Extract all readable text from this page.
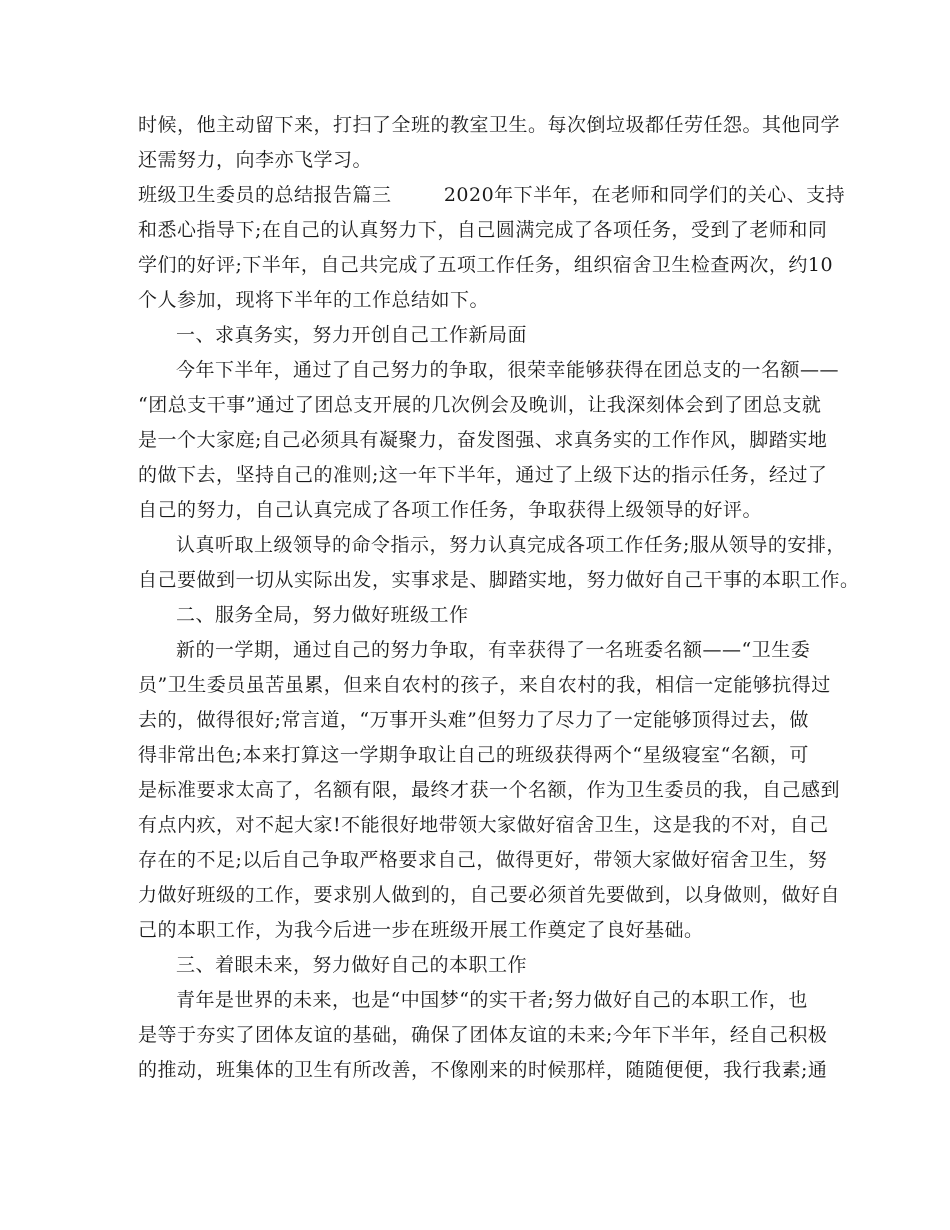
时候，他主动留下来，打扫了全班的教室卫生。每次倒垃圾都任劳任怨。其他同学
还需努力，向李亦飞学习。
班级卫生委员的总结报告篇三        2020年下半年，在老师和同学们的关心、支持
和悉心指导下;在自己的认真努力下，自己圆满完成了各项任务，受到了老师和同
学们的好评;下半年，自己共完成了五项工作任务，组织宿舍卫生检查两次，约10
个人参加，现将下半年的工作总结如下。
一、求真务实，努力开创自己工作新局面
今年下半年，通过了自己努力的争取，很荣幸能够获得在团总支的一名额——
“团总支干事”通过了团总支开展的几次例会及晚训，让我深刻体会到了团总支就
是一个大家庭;自己必须具有凝聚力，奋发图强、求真务实的工作作风，脚踏实地
的做下去，坚持自己的准则;这一年下半年，通过了上级下达的指示任务，经过了
自己的努力，自己认真完成了各项工作任务，争取获得上级领导的好评。
认真听取上级领导的命令指示，努力认真完成各项工作任务;服从领导的安排，
自己要做到一切从实际出发，实事求是、脚踏实地，努力做好自己干事的本职工作。
二、服务全局，努力做好班级工作
新的一学期，通过自己的努力争取，有幸获得了一名班委名额——“卫生委
员”卫生委员虽苦虽累，但来自农村的孩子，来自农村的我，相信一定能够抗得过
去的，做得很好;常言道，“万事开头难”但努力了尽力了一定能够顶得过去，做
得非常出色;本来打算这一学期争取让自己的班级获得两个“星级寝室“名额，可
是标准要求太高了，名额有限，最终才获一个名额，作为卫生委员的我，自己感到
有点内疚，对不起大家!不能很好地带领大家做好宿舍卫生，这是我的不对，自己
存在的不足;以后自己争取严格要求自己，做得更好，带领大家做好宿舍卫生，努
力做好班级的工作，要求别人做到的，自己要必须首先要做到，以身做则，做好自
己的本职工作，为我今后进一步在班级开展工作奠定了良好基础。
三、着眼未来，努力做好自己的本职工作
青年是世界的未来，也是“中国梦“的实干者;努力做好自己的本职工作，也
是等于夯实了团体友谊的基础，确保了团体友谊的未来;今年下半年，经自己积极
的推动，班集体的卫生有所改善，不像刚来的时候那样，随随便便，我行我素;通
